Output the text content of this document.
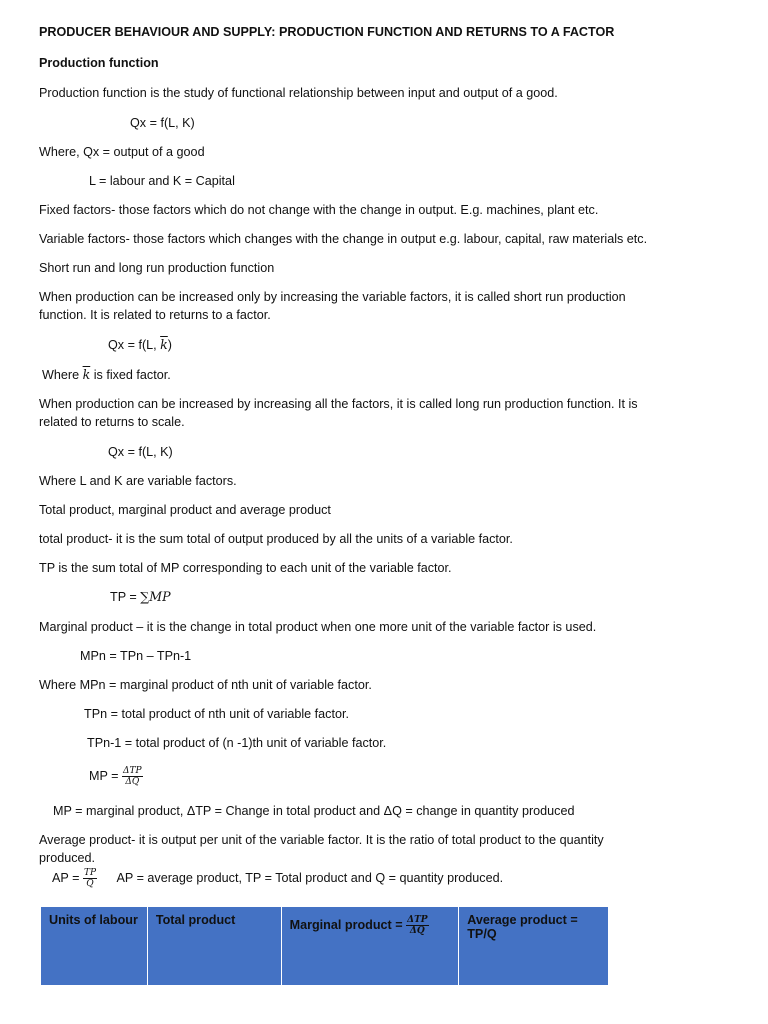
PRODUCER BEHAVIOUR AND SUPPLY: PRODUCTION FUNCTION AND RETURNS TO A FACTOR
Production function
Production function is the study of functional relationship between input and output of a good.
Qx = f(L, K)
Where, Qx = output of a good
L = labour and K = Capital
Fixed factors- those factors which do not change with the change in output. E.g. machines, plant etc.
Variable factors- those factors which changes with the change in output e.g. labour, capital, raw materials etc.
Short run and long run production function
When production can be increased only by increasing the variable factors, it is called short run production function. It is related to returns to a factor.
Qx = f(L, $\overline{k}$)
Where $\overline{k}$ is fixed factor.
When production can be increased by increasing all the factors, it is called long run production function. It is related to returns to scale.
Qx = f(L, K)
Where L and K are variable factors.
Total product, marginal product and average product
total product- it is the sum total of output produced by all the units of a variable factor.
TP is the sum total of MP corresponding to each unit of the variable factor.
TP = ∑MP
Marginal product – it is the change in total product when one more unit of the variable factor is used.
MPn = TPn – TPn-1
Where MPn = marginal product of nth unit of variable factor.
TPn = total product of nth unit of variable factor.
TPn-1 = total product of (n -1)th unit of variable factor.
MP = $\frac{\text{ΔTP}}{\Delta Q}$
MP = marginal product, ΔTP = Change in total product and ΔQ = change in quantity produced
Average product- it is output per unit of the variable factor. It is the ratio of total product to the quantity produced.
AP = $\frac{TP}{Q}$ AP = average product, TP = Total product and Q = quantity produced.
Units of labour	Total product	Marginal product = $\frac{\text{ΔTP}}{\Delta Q}$	Average product = TP/Q
